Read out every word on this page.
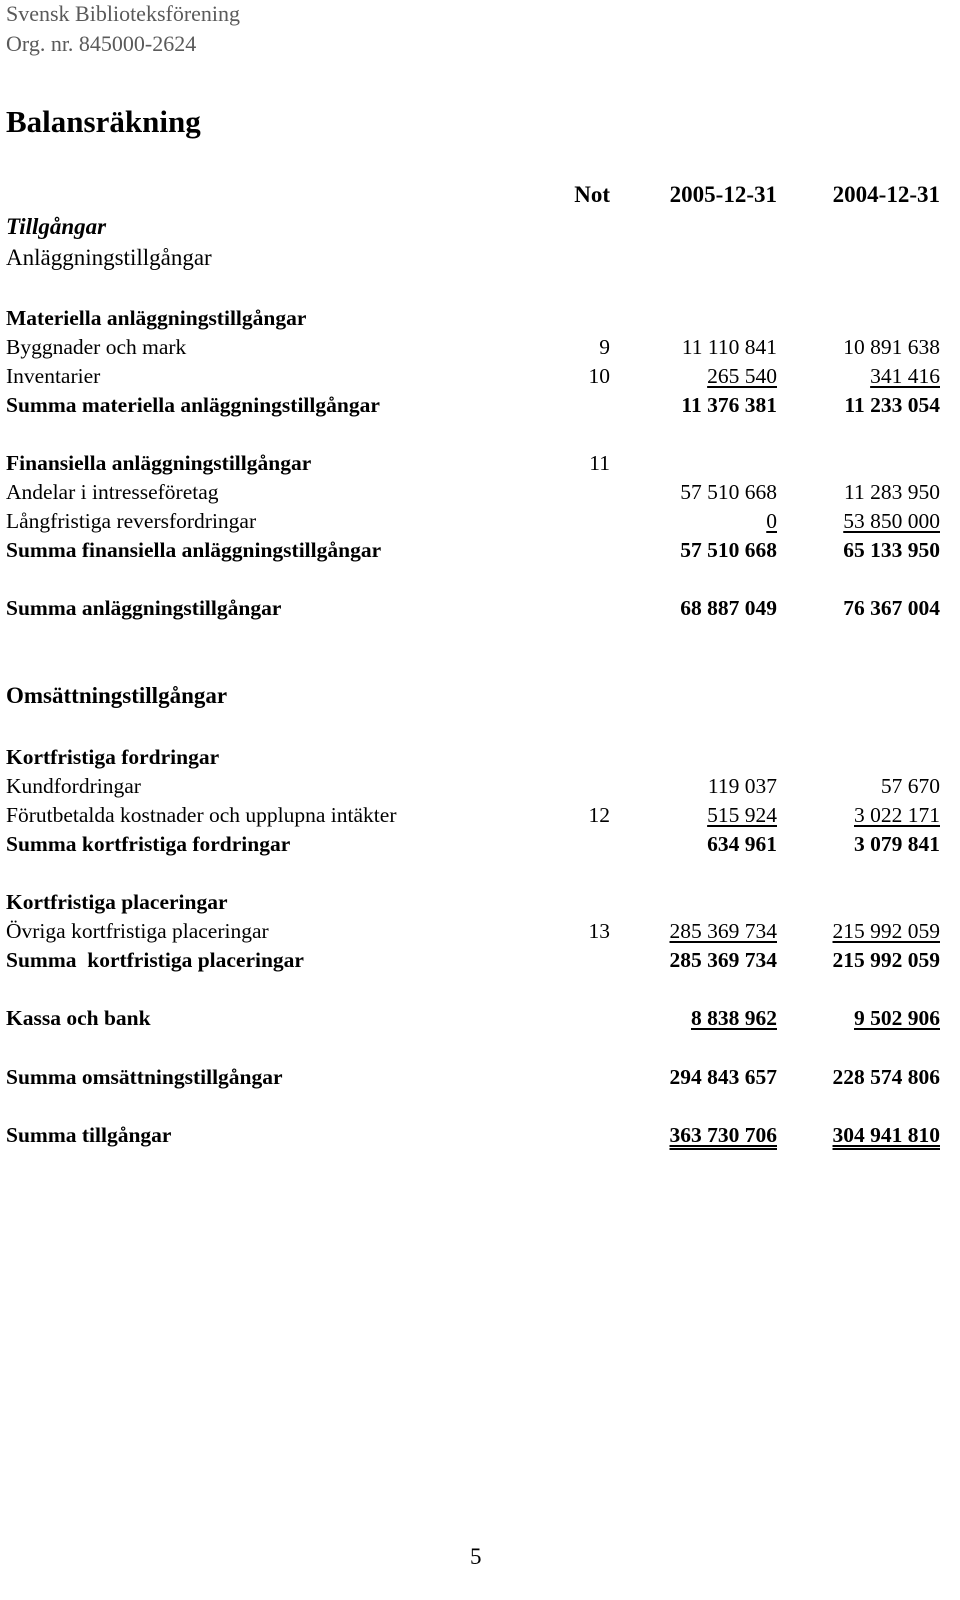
Svensk Biblioteksförening
Org. nr. 845000-2624
Balansräkning
Not	2005-12-31 2004-12-31
Tillgångar
Anläggningstillgångar
Materiella anläggningstillgångar
Byggnader och mark	9	11 110 841	10 891 638
Inventarier	10	265 540	341 416
Summa materiella anläggningstillgångar	11 376 381	11 233 054
Finansiella anläggningstillgångar	11
Andelar i intresseföretag	57 510 668	11 283 950
Långfristiga reversfordringar	0	53 850 000
Summa finansiella anläggningstillgångar	57 510 668	65 133 950
Summa anläggningstillgångar	68 887 049	76 367 004
Omsättningstillgångar
Kortfristiga fordringar
Kundfordringar	119 037	57 670
Förutbetalda kostnader och upplupna intäkter	12	515 924	3 022 171
Summa kortfristiga fordringar	634 961	3 079 841
Kortfristiga placeringar
Övriga kortfristiga placeringar	13	285 369 734	215 992 059
Summa  kortfristiga placeringar	285 369 734	215 992 059
Kassa och bank	8 838 962	9 502 906
Summa omsättningstillgångar	294 843 657	228 574 806
Summa tillgångar	363 730 706	304 941 810
5
